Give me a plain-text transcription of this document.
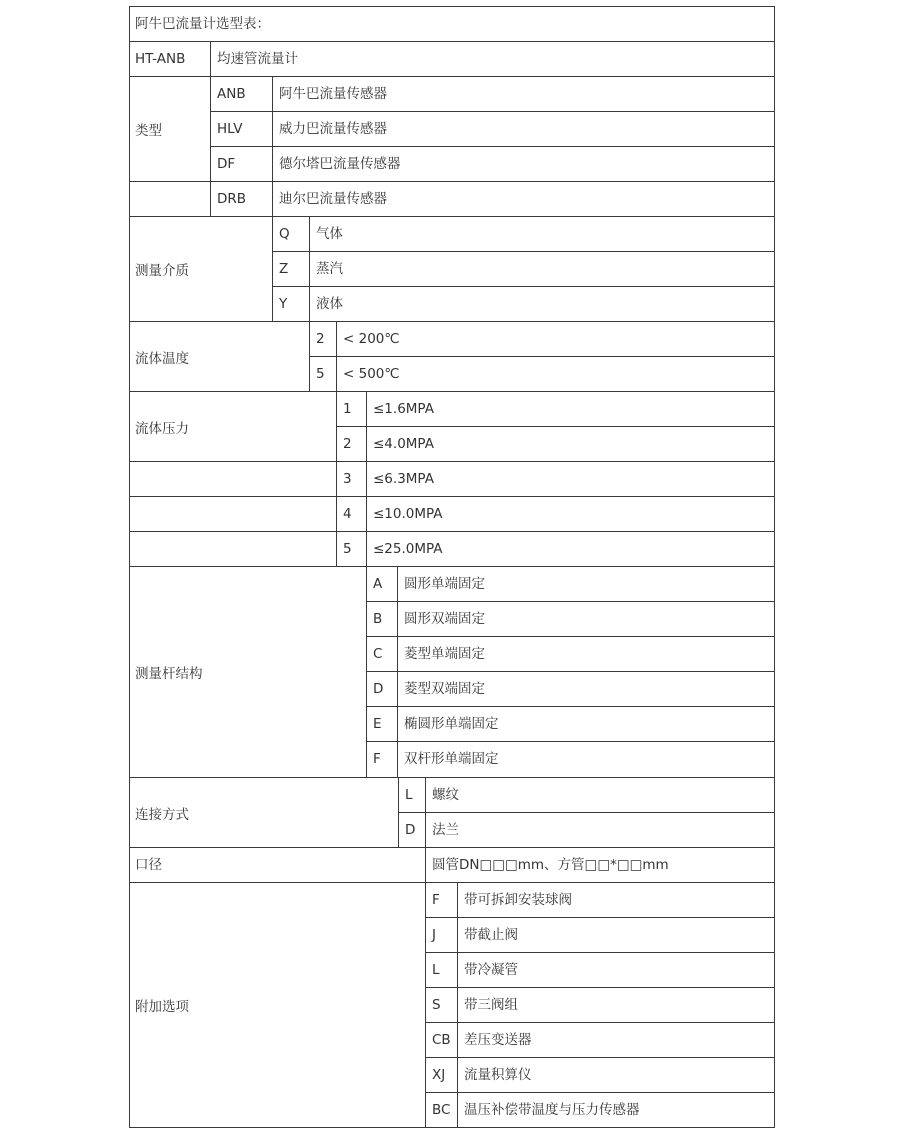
阿牛巴流量计选型表：
HT-ANB	均速管流量计
类型
ANB	阿牛巴流量传感器
HLV	威力巴流量传感器
DF	德尔塔巴流量传感器
DRB	迪尔巴流量传感器
测量介质
Q	气体
Z	蒸汽
Y	液体
流体温度
2	< 200℃
5	< 500℃
流体压力
1	≤1.6MPA
2	≤4.0MPA
3	≤6.3MPA
4	≤10.0MPA
5	≤25.0MPA
测量杆结构
A	圆形单端固定
B	圆形双端固定
C	菱型单端固定
D	菱型双端固定
E	椭圆形单端固定
F	双杆形单端固定
连接方式
L	螺纹
D	法兰
口径	圆管DN□□□mm、方管□□*□□mm
附加选项
F	带可拆卸安装球阀
J	带截止阀
L	带冷凝管
S	带三阀组
CB 差压变送器
XJ	流量积算仪
BC	温压补偿带温度与压力传感器
